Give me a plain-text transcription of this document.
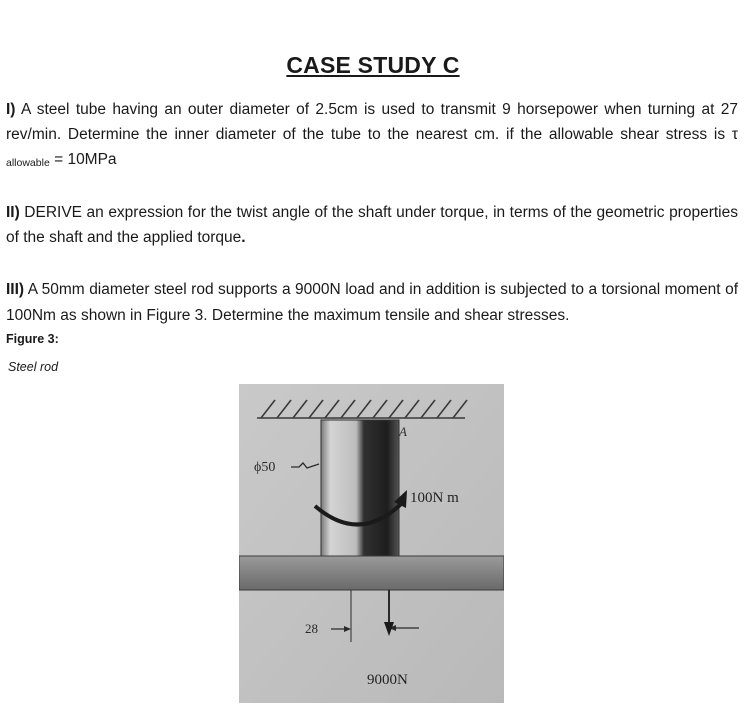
CASE STUDY C
I) A steel tube having an outer diameter of 2.5cm is used to transmit 9 horsepower when turning at 27 rev/min. Determine the inner diameter of the tube to the nearest cm. if the allowable shear stress is τ allowable = 10MPa
II) DERIVE an expression for the twist angle of the shaft under torque, in terms of the geometric properties of the shaft and the applied torque.
III) A 50mm diameter steel rod supports a 9000N load and in addition is subjected to a torsional moment of 100Nm as shown in Figure 3. Determine the maximum tensile and shear stresses.
Figure 3:
Steel rod
A
ϕ50
100N m
28
9000N
